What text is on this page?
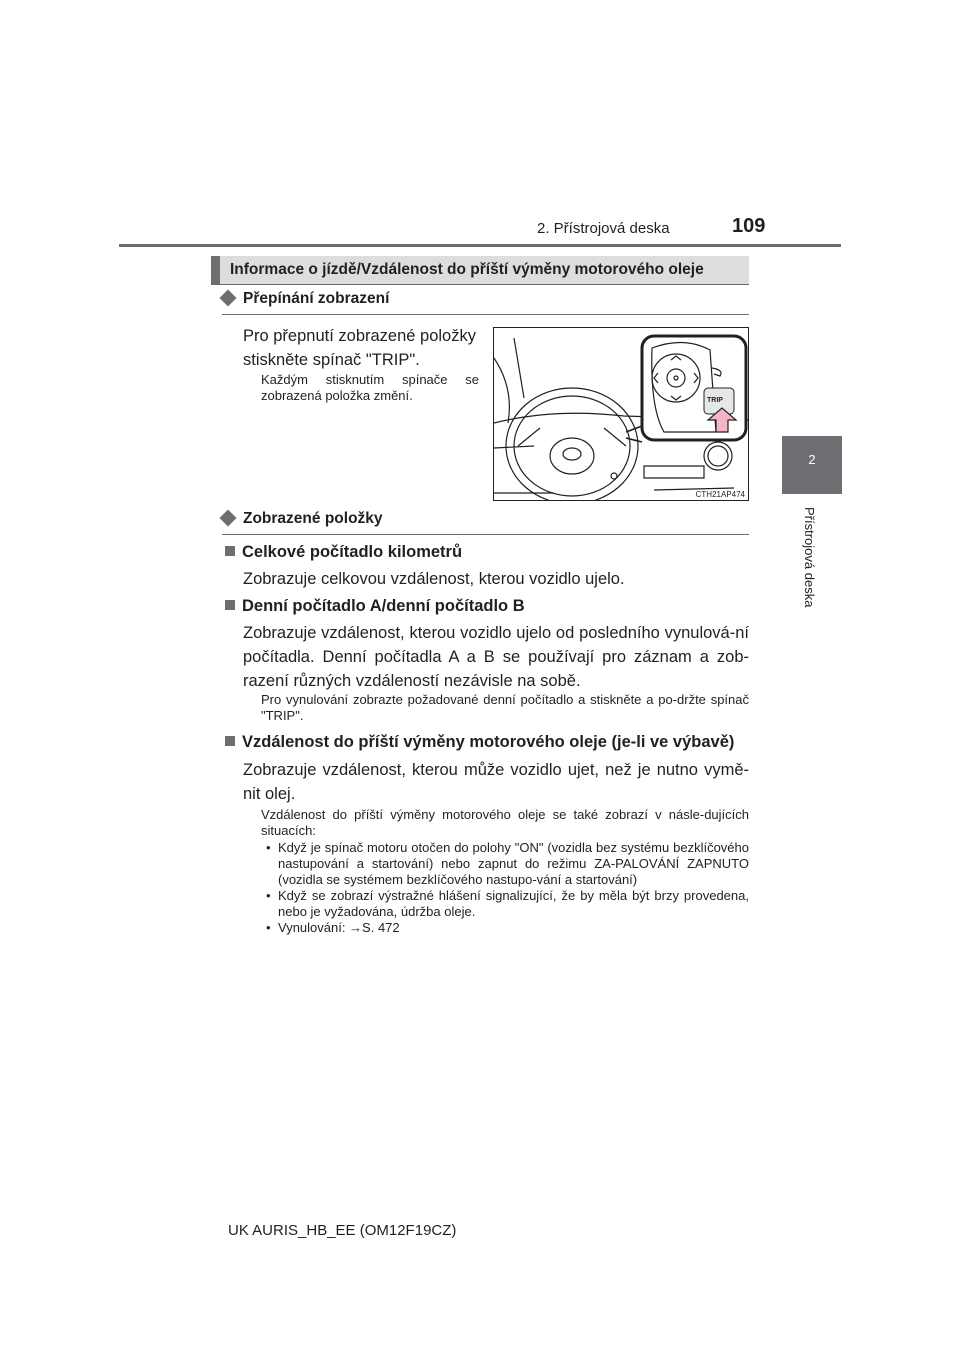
2. Přístrojová deska	109
2
Přístrojová deska
Informace o jízdě/Vzdálenost do příští výměny motorového oleje
Přepínání zobrazení
Pro přepnutí zobrazené položky stiskněte spínač "TRIP".
Každým stisknutím spínače se zobrazená položka změní.	TRIP
CTH21AP474
Zobrazené položky
Celkové počítadlo kilometrů
Zobrazuje celkovou vzdálenost, kterou vozidlo ujelo.
Denní počítadlo A/denní počítadlo B
Zobrazuje vzdálenost, kterou vozidlo ujelo od posledního vynulová-ní počítadla. Denní počítadla A a B se používají pro záznam a zob-razení různých vzdáleností nezávisle na sobě.
Pro vynulování zobrazte požadované denní počítadlo a stiskněte a po-držte spínač "TRIP".
Vzdálenost do příští výměny motorového oleje (je-li ve výbavě)
Zobrazuje vzdálenost, kterou může vozidlo ujet, než je nutno vymě-nit olej.
Vzdálenost do příští výměny motorového oleje se také zobrazí v násle-dujících situacích:
• Když je spínač motoru otočen do polohy "ON" (vozidla bez systému bezklíčového nastupování a startování) nebo zapnut do režimu ZA-PALOVÁNÍ ZAPNUTO (vozidla se systémem bezklíčového nastupo-vání a startování)
• Když se zobrazí výstražné hlášení signalizující, že by měla být brzy provedena, nebo je vyžadována, údržba oleje.
• Vynulování: →S. 472
UK AURIS_HB_EE (OM12F19CZ)
